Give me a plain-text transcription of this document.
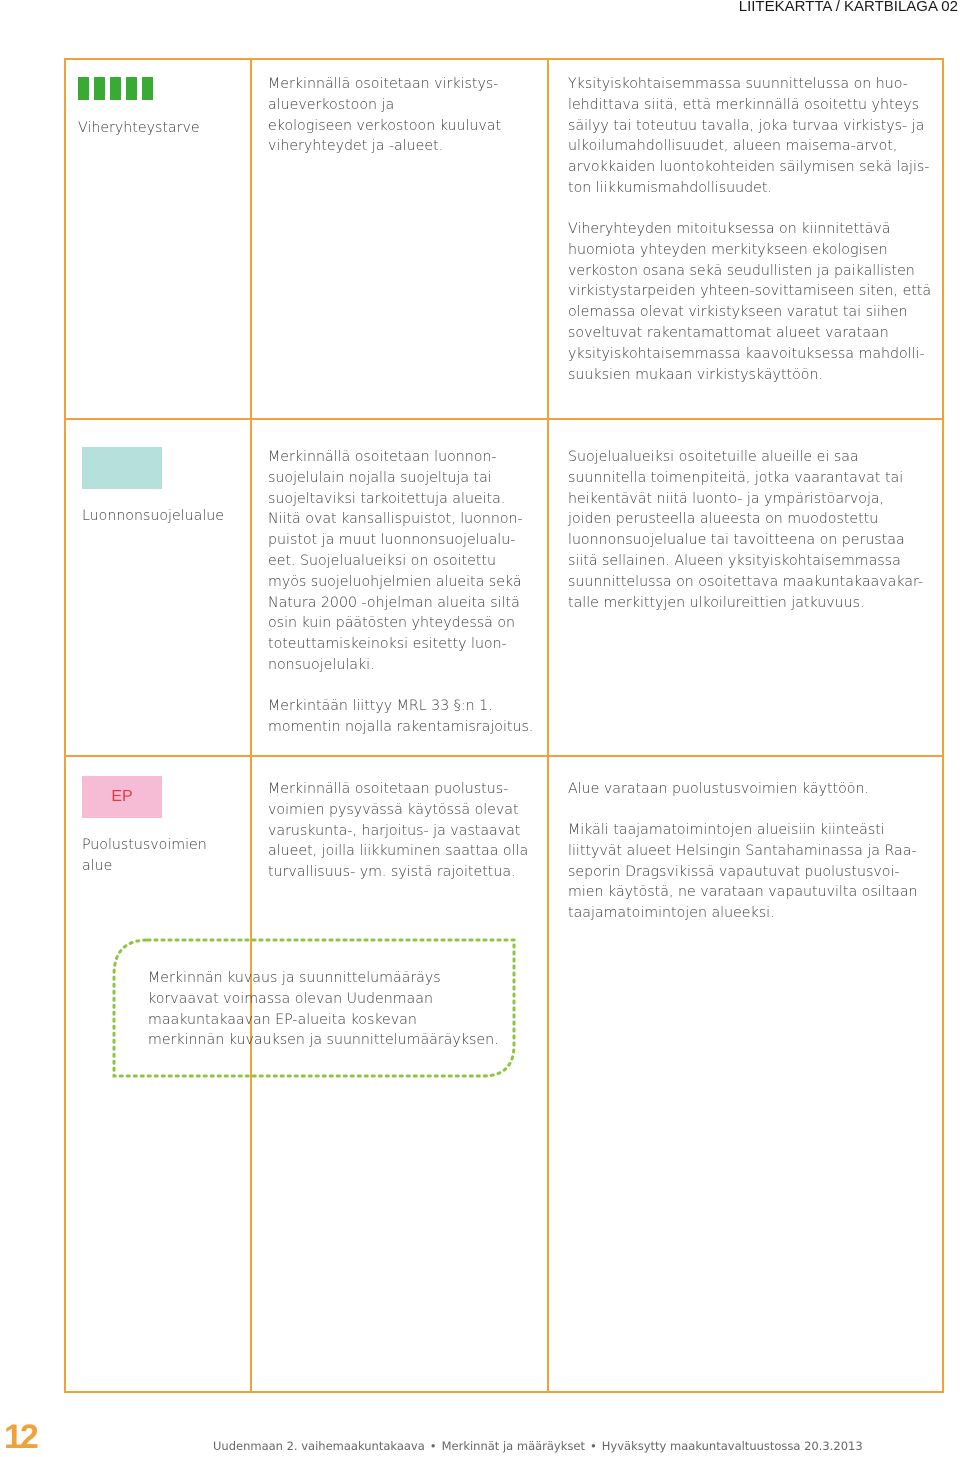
LIITEKARTTA / KARTBILAGA 02
Viheryhteystarve
Merkinnällä osoitetaan virkistys-
alueverkostoon ja
ekologiseen verkostoon kuuluvat
viheryhteydet ja -alueet.
Yksityiskohtaisemmassa suunnittelussa on huo-
lehdittava siitä, että merkinnällä osoitettu yhteys
säilyy tai toteutuu tavalla, joka turvaa virkistys- ja
ulkoilumahdollisuudet, alueen maisema-arvot,
arvokkaiden luontokohteiden säilymisen sekä lajis-
ton liikkumismahdollisuudet.
Viheryhteyden mitoituksessa on kiinnitettävä
huomiota yhteyden merkitykseen ekologisen
verkoston osana sekä seudullisten ja paikallisten
virkistystarpeiden yhteen-sovittamiseen siten, että
olemassa olevat virkistykseen varatut tai siihen
soveltuvat rakentamattomat alueet varataan
yksityiskohtaisemmassa kaavoituksessa mahdolli-
suuksien mukaan virkistyskäyttöön.
Luonnonsuojelualue
Merkinnällä osoitetaan luonnon-
suojelulain nojalla suojeltuja tai
suojeltaviksi tarkoitettuja alueita.
Niitä ovat kansallispuistot, luonnon-
puistot ja muut luonnonsuojelualu-
eet. Suojelualueiksi on osoitettu
myös suojeluohjelmien alueita sekä
Natura 2000 -ohjelman alueita siltä
osin kuin päätösten yhteydessä on
toteuttamiskeinoksi esitetty luon-
nonsuojelulaki.
Merkintään liittyy MRL 33 §:n 1.
momentin nojalla rakentamisrajoitus.
Suojelualueiksi osoitetuille alueille ei saa
suunnitella toimenpiteitä, jotka vaarantavat tai
heikentävät niitä luonto- ja ympäristöarvoja,
joiden perusteella alueesta on muodostettu
luonnonsuojelualue tai tavoitteena on perustaa
siitä sellainen. Alueen yksityiskohtaisemmassa
suunnittelussa on osoitettava maakuntakaavakar-
talle merkittyjen ulkoilureittien jatkuvuus.
EP
Puolustusvoimien
alue
Merkinnällä osoitetaan puolustus-
voimien pysyvässä käytössä olevat
varuskunta-, harjoitus- ja vastaavat
alueet, joilla liikkuminen saattaa olla
turvallisuus- ym. syistä rajoitettua.
Alue varataan puolustusvoimien käyttöön.
Mikäli taajamatoimintojen alueisiin kiinteästi
liittyvät alueet Helsingin Santahaminassa ja Raa-
seporin Dragsvikissä vapautuvat puolustusvoi-
mien käytöstä, ne varataan vapautuvilta osiltaan
taajamatoimintojen alueeksi.
Merkinnän kuvaus ja suunnittelumääräys
korvaavat voimassa olevan Uudenmaan
maakuntakaavan EP-alueita koskevan
merkinnän kuvauksen ja suunnittelumääräyksen.
12	Uudenmaan 2. vaihemaakuntakaava • Merkinnät ja määräykset • Hyväksytty maakuntavaltuustossa 20.3.2013
